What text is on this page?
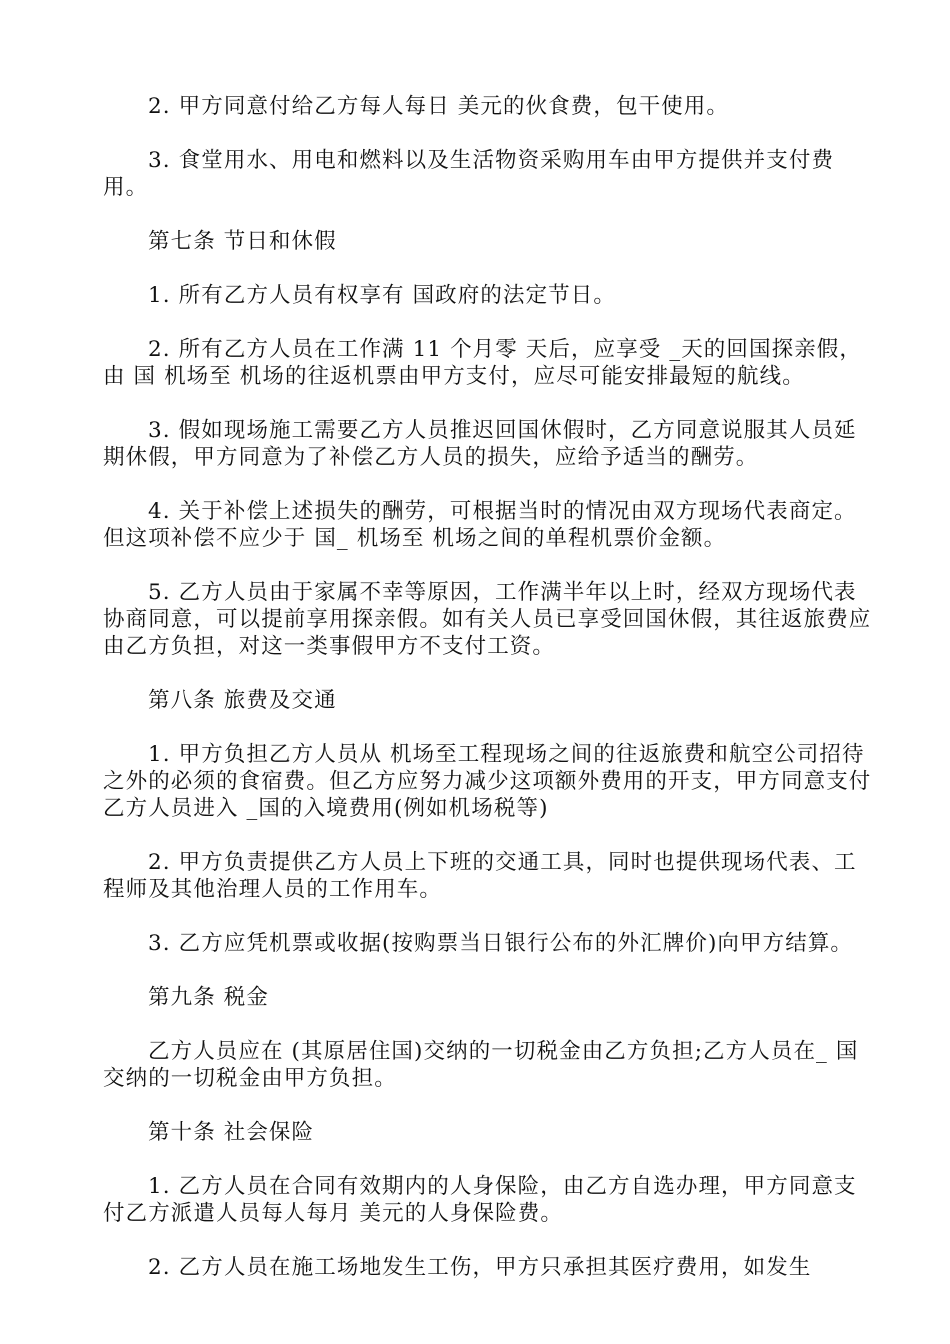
2. 甲方同意付给乙方每人每日 美元的伙食费，包干使用。

3. 食堂用水、用电和燃料以及生活物资采购用车由甲方提供并支付费用。

第七条 节日和休假

1. 所有乙方人员有权享有 国政府的法定节日。

2. 所有乙方人员在工作满 11 个月零 天后，应享受 _天的回国探亲假，由 国 机场至 机场的往返机票由甲方支付，应尽可能安排最短的航线。

3. 假如现场施工需要乙方人员推迟回国休假时，乙方同意说服其人员延期休假，甲方同意为了补偿乙方人员的损失，应给予适当的酬劳。

4. 关于补偿上述损失的酬劳，可根据当时的情况由双方现场代表商定。但这项补偿不应少于 国_ 机场至 机场之间的单程机票价金额。

5. 乙方人员由于家属不幸等原因，工作满半年以上时，经双方现场代表协商同意，可以提前享用探亲假。如有关人员已享受回国休假，其往返旅费应由乙方负担，对这一类事假甲方不支付工资。

第八条 旅费及交通

1. 甲方负担乙方人员从 机场至工程现场之间的往返旅费和航空公司招待之外的必须的食宿费。但乙方应努力减少这项额外费用的开支，甲方同意支付乙方人员进入 _国的入境费用(例如机场税等)

2. 甲方负责提供乙方人员上下班的交通工具，同时也提供现场代表、工程师及其他治理人员的工作用车。

3. 乙方应凭机票或收据(按购票当日银行公布的外汇牌价)向甲方结算。

第九条 税金

乙方人员应在 (其原居住国)交纳的一切税金由乙方负担;乙方人员在_ 国交纳的一切税金由甲方负担。

第十条 社会保险

1. 乙方人员在合同有效期内的人身保险，由乙方自选办理，甲方同意支付乙方派遣人员每人每月 美元的人身保险费。

2. 乙方人员在施工场地发生工伤，甲方只承担其医疗费用，如发生
